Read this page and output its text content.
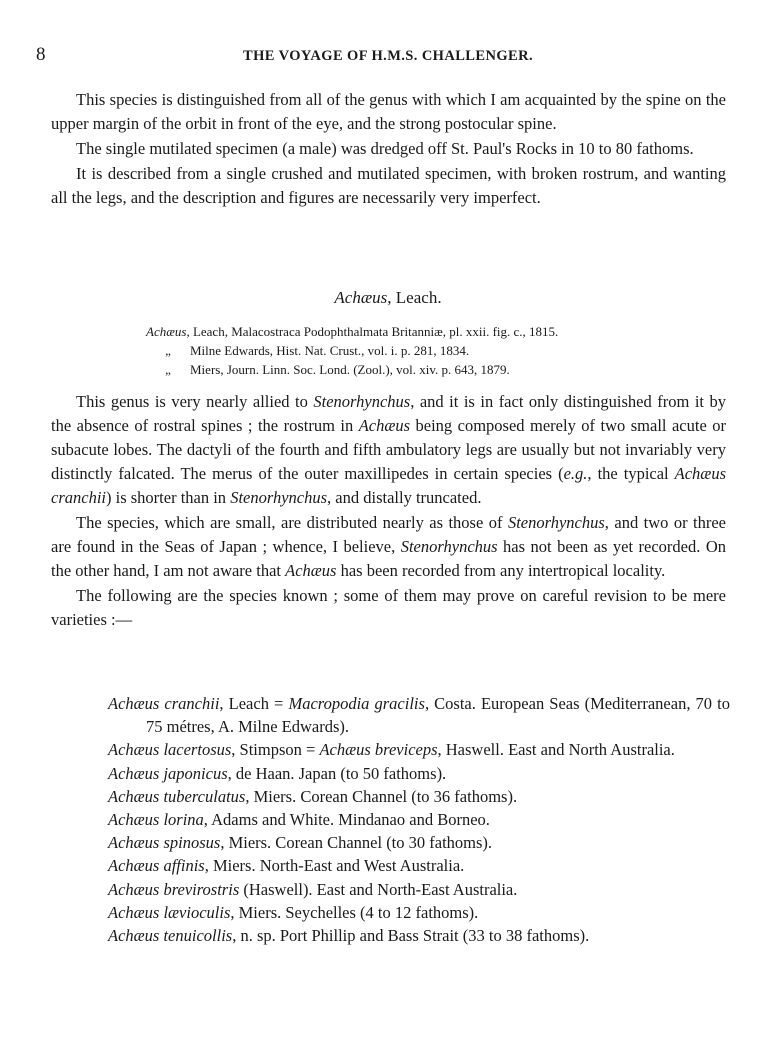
8	THE VOYAGE OF H.M.S. CHALLENGER.

This species is distinguished from all of the genus with which I am acquainted by the spine on the upper margin of the orbit in front of the eye, and the strong postocular spine.

The single mutilated specimen (a male) was dredged off St. Paul's Rocks in 10 to 80 fathoms.

It is described from a single crushed and mutilated specimen, with broken rostrum, and wanting all the legs, and the description and figures are necessarily very imperfect.

Achæus, Leach.
Achæus, Leach, Malacostraca Podophthalmata Britanniæ, pl. xxii. fig. c., 1815.
„ Milne Edwards, Hist. Nat. Crust., vol. i. p. 281, 1834.
„ Miers, Journ. Linn. Soc. Lond. (Zool.), vol. xiv. p. 643, 1879.

This genus is very nearly allied to Stenorhynchus, and it is in fact only distinguished from it by the absence of rostral spines ; the rostrum in Achæus being composed merely of two small acute or subacute lobes. The dactyli of the fourth and fifth ambulatory legs are usually but not invariably very distinctly falcated. The merus of the outer maxillipedes in certain species (e.g., the typical Achæus cranchii) is shorter than in Stenorhynchus, and distally truncated.

The species, which are small, are distributed nearly as those of Stenorhynchus, and two or three are found in the Seas of Japan ; whence, I believe, Stenorhynchus has not been as yet recorded. On the other hand, I am not aware that Achæus has been recorded from any intertropical locality.

The following are the species known ; some of them may prove on careful revision to be mere varieties :—

Achæus cranchii, Leach = Macropodia gracilis, Costa. European Seas (Mediterranean, 70 to 75 métres, A. Milne Edwards).

Achæus lacertosus, Stimpson = Achæus breviceps, Haswell. East and North Australia.

Achæus japonicus, de Haan. Japan (to 50 fathoms).

Achæus tuberculatus, Miers. Corean Channel (to 36 fathoms).

Achæus lorina, Adams and White. Mindanao and Borneo.

Achæus spinosus, Miers. Corean Channel (to 30 fathoms).

Achæus affinis, Miers. North-East and West Australia.

Achæus brevirostris (Haswell). East and North-East Australia.

Achæus lævioculis, Miers. Seychelles (4 to 12 fathoms).

Achæus tenuicollis, n. sp. Port Phillip and Bass Strait (33 to 38 fathoms).
